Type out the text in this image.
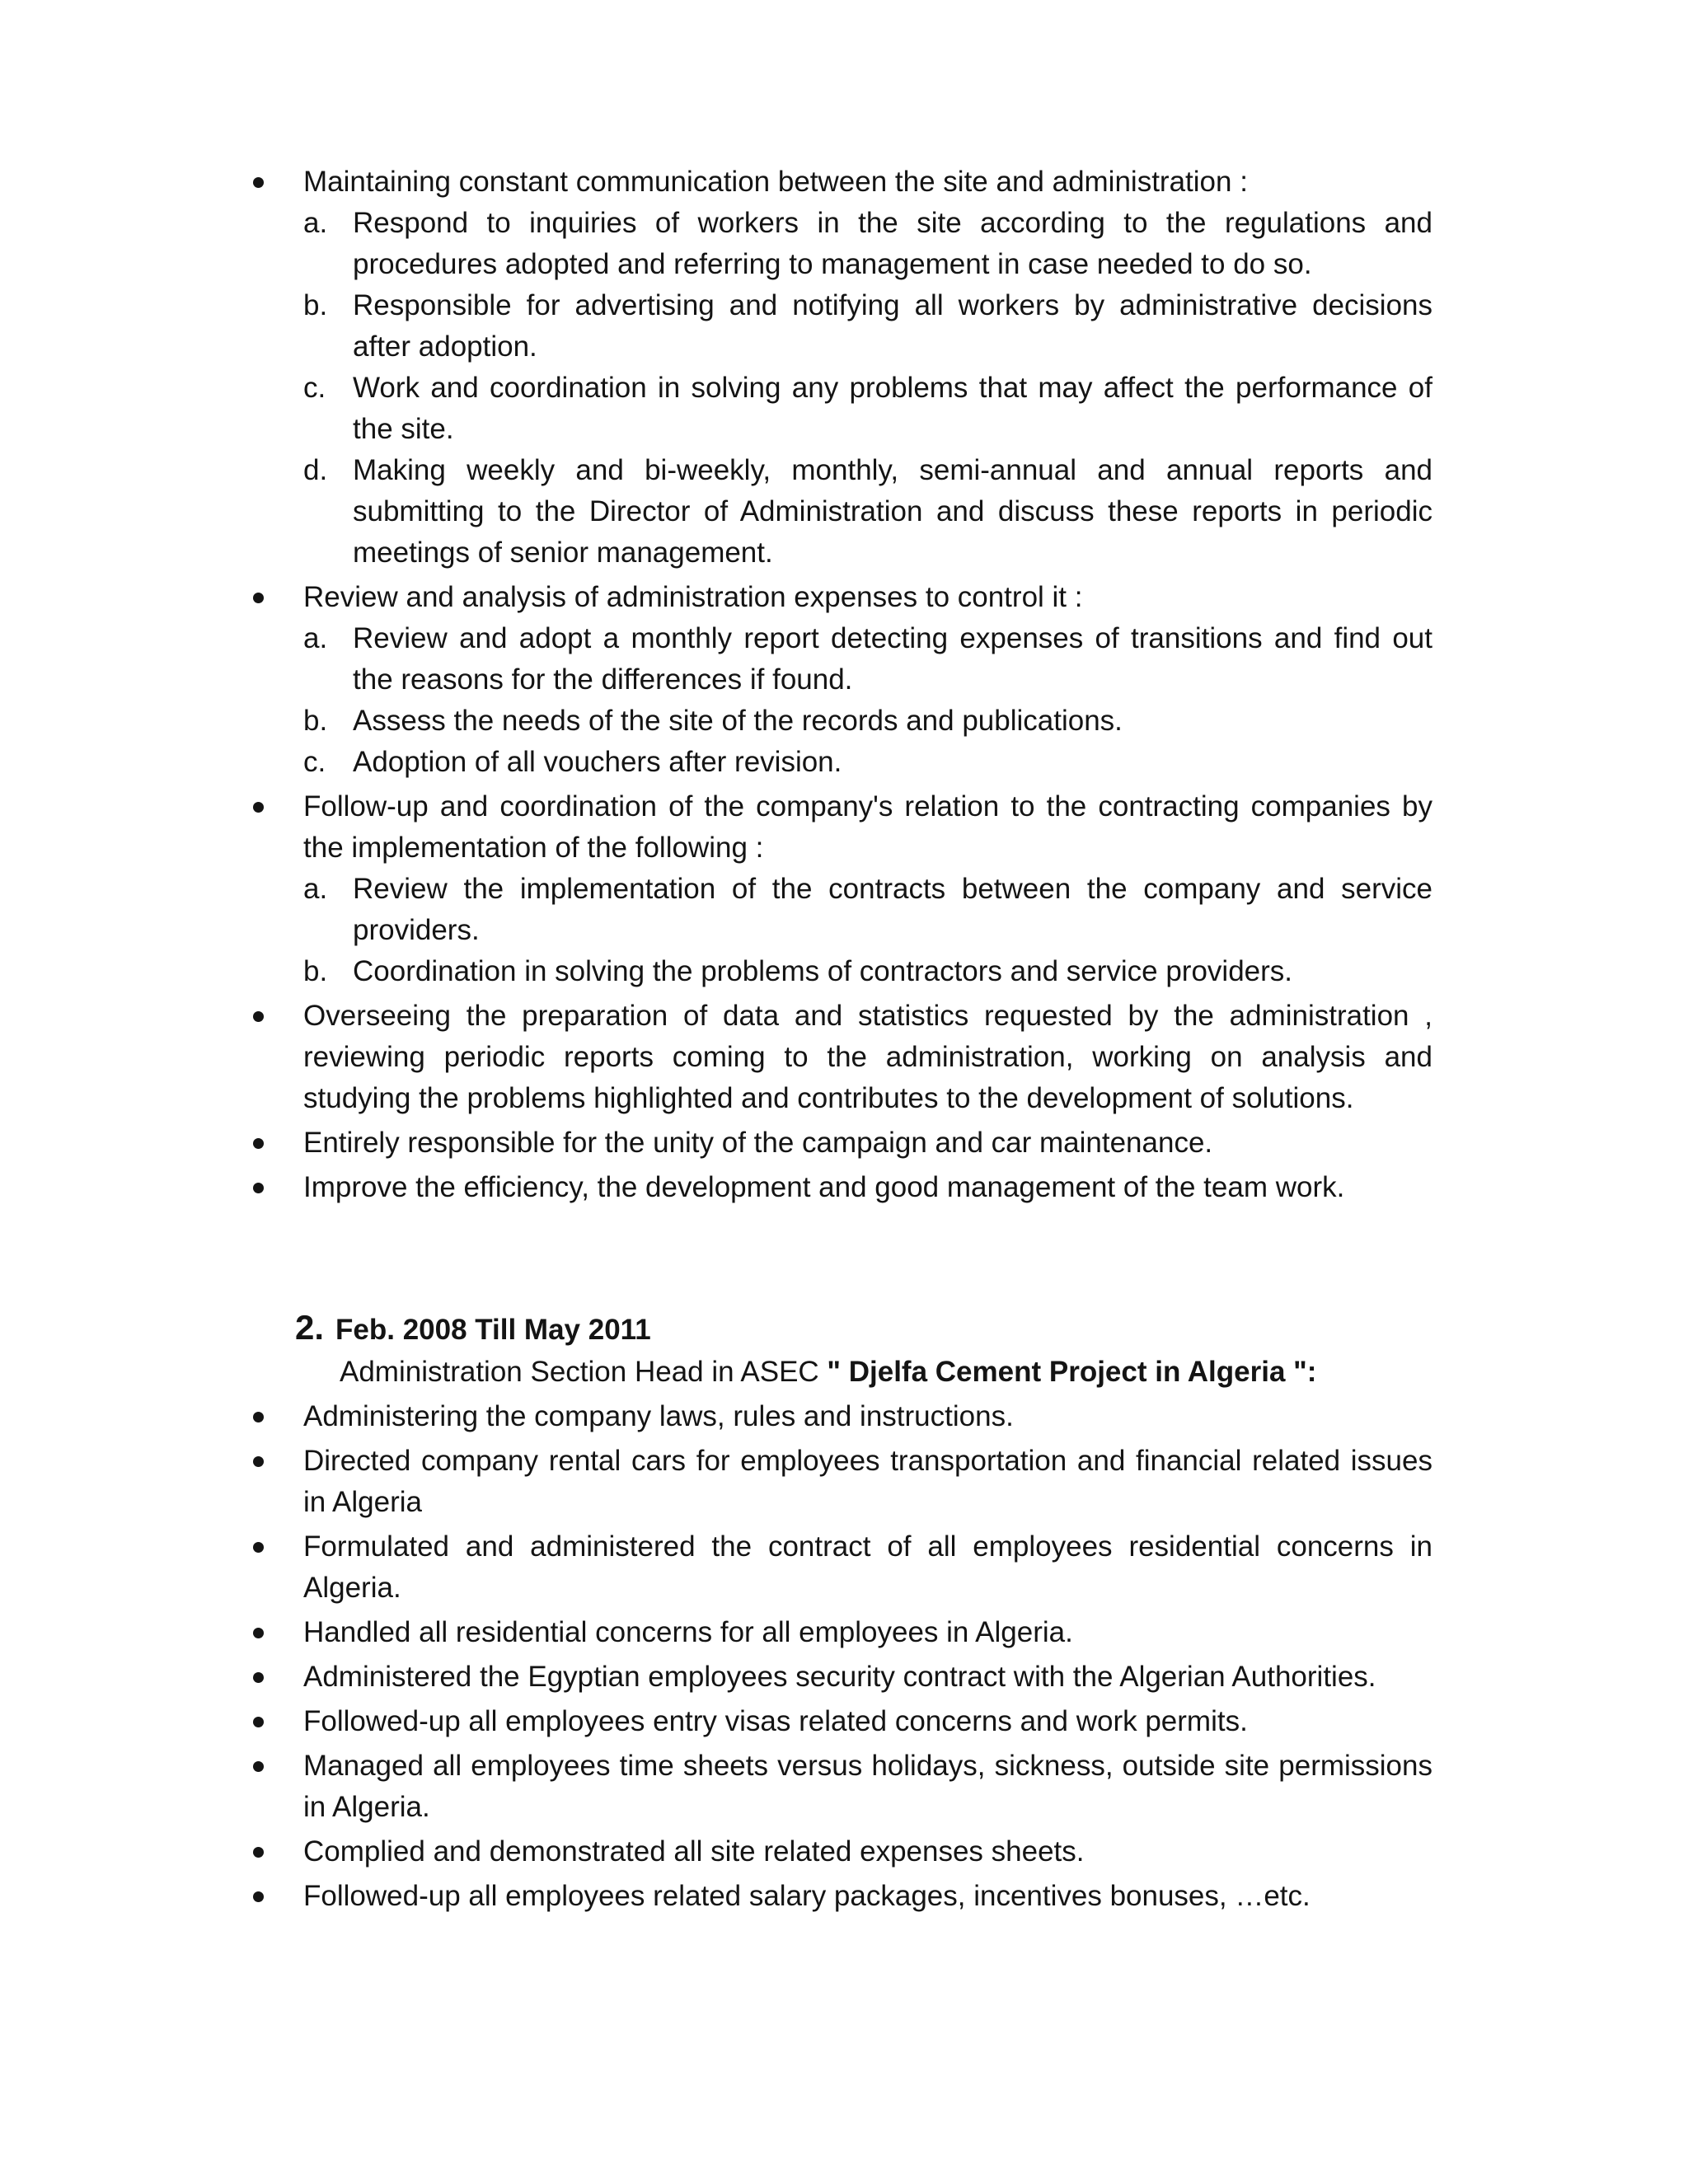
Maintaining constant communication between the site and administration :
a. Respond to inquiries of workers in the site according to the regulations and procedures adopted and referring to management in case needed to do so.
b. Responsible for advertising and notifying all workers by administrative decisions after adoption.
c. Work and coordination in solving any problems that may affect the performance of the site.
d. Making weekly and bi-weekly, monthly, semi-annual and annual reports and submitting to the Director of Administration and discuss these reports in periodic meetings of senior management.
Review and analysis of administration expenses to control it :
a. Review and adopt a monthly report detecting expenses of transitions and find out the reasons for the differences if found.
b. Assess the needs of the site of the records and publications.
c. Adoption of all vouchers after revision.
Follow-up and coordination of the company's relation to the contracting companies by the implementation of the following :
a. Review the implementation of the contracts between the company and service providers.
b. Coordination in solving the problems of contractors and service providers.
Overseeing the preparation of data and statistics requested by the administration , reviewing periodic reports coming to the administration, working on analysis and studying the problems highlighted and contributes to the development of solutions.
Entirely responsible for the unity of the campaign and car maintenance.
Improve the efficiency, the development and good management of the team work.
2. Feb. 2008 Till May 2011
Administration Section Head in ASEC " Djelfa Cement Project in Algeria ":
Administering the company laws, rules and instructions.
Directed company rental cars for employees transportation and financial related issues in Algeria
Formulated and administered the contract of all employees residential concerns in Algeria.
Handled all residential concerns for all employees in Algeria.
Administered the Egyptian employees security contract with the Algerian Authorities.
Followed-up all employees entry visas related concerns and work permits.
Managed all employees time sheets versus holidays, sickness, outside site permissions in Algeria.
Complied and demonstrated all site related expenses sheets.
Followed-up all employees related salary packages, incentives bonuses, …etc.
